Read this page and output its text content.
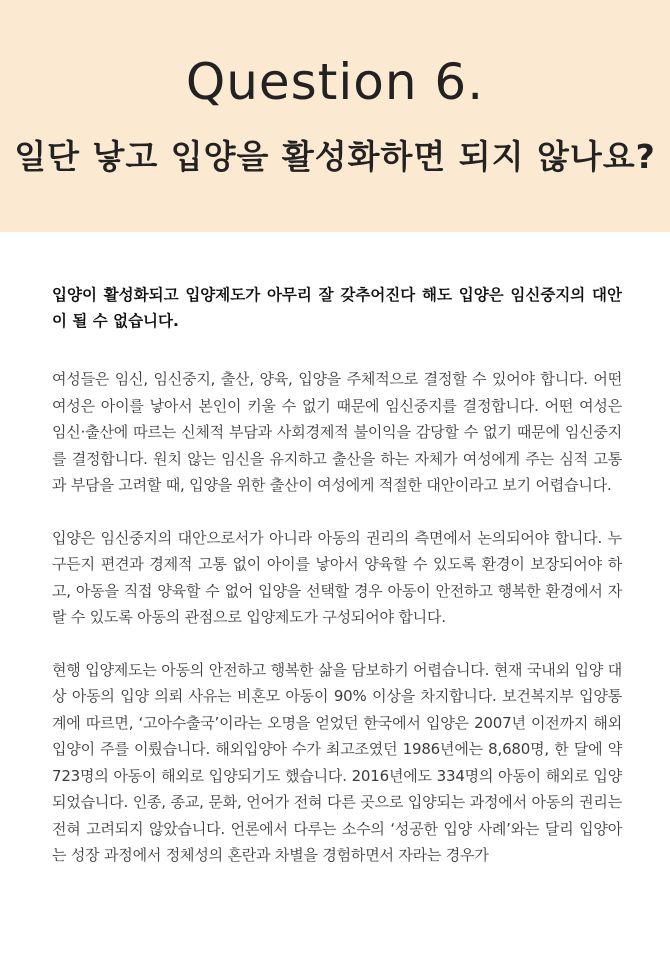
Question 6.
일단 낳고 입양을 활성화하면 되지 않나요?

입양이 활성화되고 입양제도가 아무리 잘 갖추어진다 해도 입양은 임신중지의 대안이 될 수 없습니다.

여성들은 임신, 임신중지, 출산, 양육, 입양을 주체적으로 결정할 수 있어야 합니다. 어떤 여성은 아이를 낳아서 본인이 키울 수 없기 때문에 임신중지를 결정합니다. 어떤 여성은 임신·출산에 따르는 신체적 부담과 사회경제적 불이익을 감당할 수 없기 때문에 임신중지를 결정합니다. 원치 않는 임신을 유지하고 출산을 하는 자체가 여성에게 주는 심적 고통과 부담을 고려할 때, 입양을 위한 출산이 여성에게 적절한 대안이라고 보기 어렵습니다.

입양은 임신중지의 대안으로서가 아니라 아동의 권리의 측면에서 논의되어야 합니다. 누구든지 편견과 경제적 고통 없이 아이를 낳아서 양육할 수 있도록 환경이 보장되어야 하고, 아동을 직접 양육할 수 없어 입양을 선택할 경우 아동이 안전하고 행복한 환경에서 자랄 수 있도록 아동의 관점으로 입양제도가 구성되어야 합니다.

현행 입양제도는 아동의 안전하고 행복한 삶을 담보하기 어렵습니다. 현재 국내외 입양 대상 아동의 입양 의뢰 사유는 비혼모 아동이 90% 이상을 차지합니다. 보건복지부 입양통계에 따르면, ‘고아수출국’이라는 오명을 얻었던 한국에서 입양은 2007년 이전까지 해외입양이 주를 이뤘습니다. 해외입양아 수가 최고조였던 1986년에는 8,680명, 한 달에 약 723명의 아동이 해외로 입양되기도 했습니다. 2016년에도 334명의 아동이 해외로 입양되었습니다. 인종, 종교, 문화, 언어가 전혀 다른 곳으로 입양되는 과정에서 아동의 권리는 전혀 고려되지 않았습니다. 언론에서 다루는 소수의 ‘성공한 입양 사례’와는 달리 입양아는 성장 과정에서 정체성의 혼란과 차별을 경험하면서 자라는 경우가
